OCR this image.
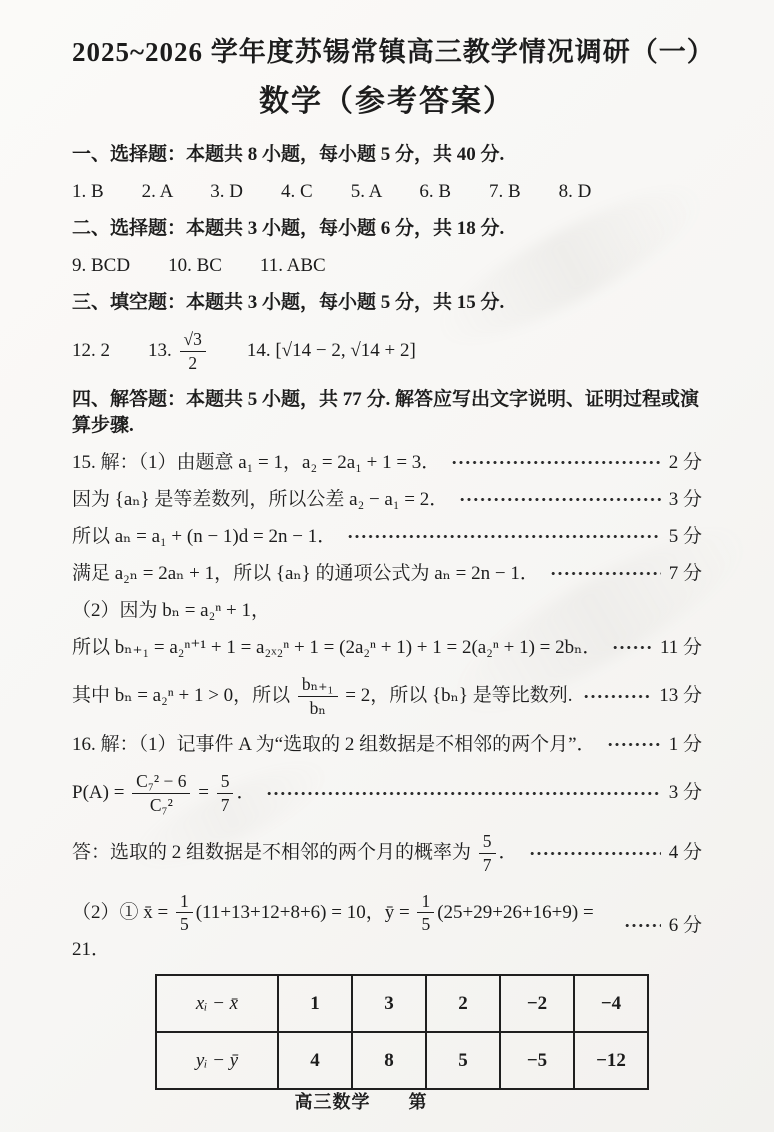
2025~2026 学年度苏锡常镇高三教学情况调研（一）
数学（参考答案）
一、选择题：本题共 8 小题，每小题 5 分，共 40 分.
1. B　　2. A　　3. D　　4. C　　5. A　　6. B　　7. B　　8. D
二、选择题：本题共 3 小题，每小题 6 分，共 18 分.
9. BCD　　10. BC　　11. ABC
三、填空题：本题共 3 小题，每小题 5 分，共 15 分.
12. 2　　13. $\frac{√3}{2}$ 　　14. [√14 − 2, √14 + 2]
四、解答题：本题共 5 小题，共 77 分. 解答应写出文字说明、证明过程或演算步骤.
15. 解：（1）由题意 a₁ = 1，a₂ = 2a₁ + 1 = 3．	2 分
因为 {aₙ} 是等差数列，所以公差 a₂ − a₁ = 2．	3 分
所以 aₙ = a₁ + (n − 1)d = 2n − 1．	5 分
满足 a₂ₙ = 2aₙ + 1，所以 {aₙ} 的通项公式为 aₙ = 2n − 1．	7 分
（2）因为 bₙ = a₂ⁿ + 1，
所以 bₙ₊₁ = a₂ⁿ⁺¹ + 1 = a₂ₓ₂ⁿ + 1 = (2a₂ⁿ + 1) + 1 = 2(a₂ⁿ + 1) = 2bₙ．	11 分
其中 bₙ = a₂ⁿ + 1 > 0，所以 $\frac{\text{bₙ₊₁}}{\text{bₙ}} = 2$，所以 {bₙ} 是等比数列.	13 分
16. 解：（1）记事件 A 为“选取的 2 组数据是不相邻的两个月”．	1 分
$P(A) = \frac{\text{C₇² − 6}}{\text{C₇²}} = \frac{5}{7}$ ．	3 分
答：选取的 2 组数据是不相邻的两个月的概率为 $\frac{5}{7}$ ．	4 分
（2）① x̄ = $\frac{1}{5} (11+13+12+8+6) = 10$，ȳ = $\frac{1}{5} (25+29+26+16+9) = 21$．
6 分
xᵢ − x̄	1	3	2	−2	−4
yᵢ − ȳ	4	8	5	−5	−12
高三数学　　第
